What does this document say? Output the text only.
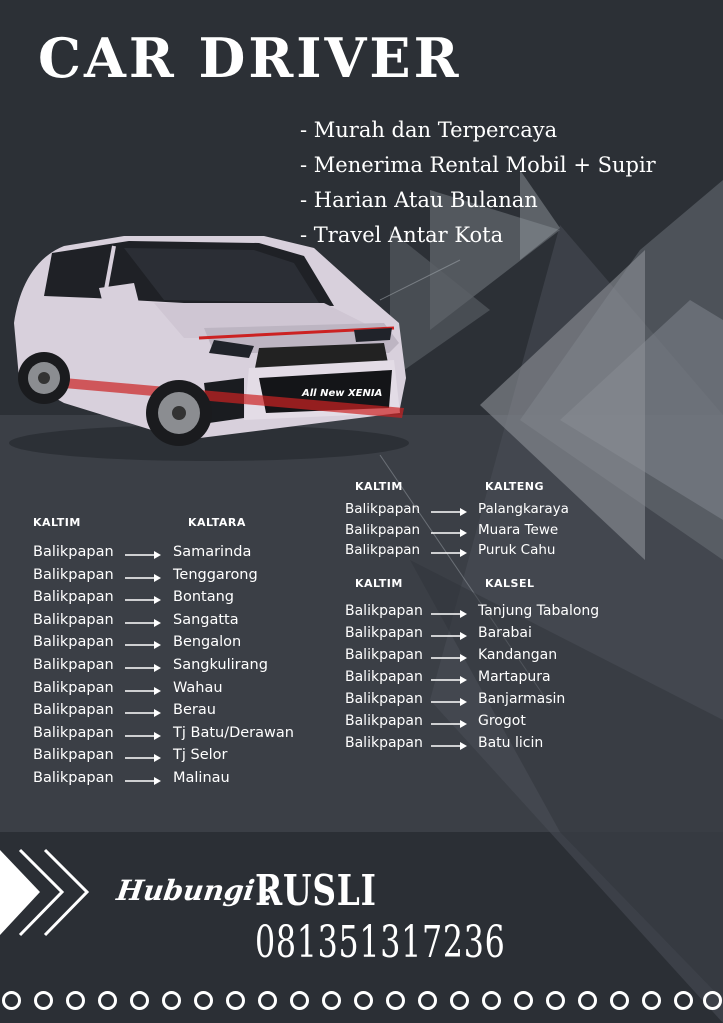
CAR DRIVER
- Murah dan Terpercaya
- Menerima Rental Mobil + Supir
- Harian Atau Bulanan
- Travel Antar Kota
All New XENIA
KALTIM	KALTARA
Balikpapan	Samarinda
Balikpapan	Tenggarong
Balikpapan	Bontang
Balikpapan	Sangatta
Balikpapan	Bengalon
Balikpapan	Sangkulirang
Balikpapan	Wahau
Balikpapan	Berau
Balikpapan	Tj Batu/Derawan
Balikpapan	Tj Selor
Balikpapan	Malinau
KALTIM	KALTENG
Balikpapan	Palangkaraya
Balikpapan	Muara Tewe
Balikpapan	Puruk Cahu
KALTIM	KALSEL
Balikpapan	Tanjung Tabalong
Balikpapan	Barabai
Balikpapan	Kandangan
Balikpapan	Martapura
Balikpapan	Banjarmasin
Balikpapan	Grogot
Balikpapan	Batu licin
Hubungi :
RUSLI
081351317236
